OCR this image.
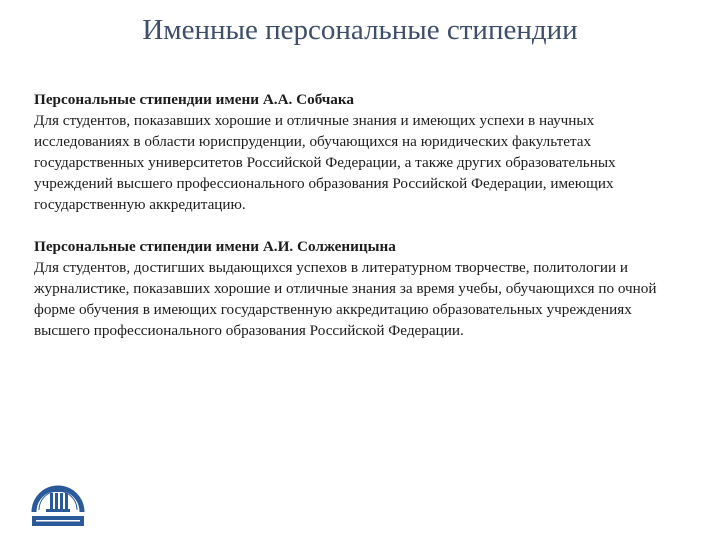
Именные персональные стипендии
Персональные стипендии имени А.А. Собчака
Для студентов, показавших хорошие и отличные знания и имеющих успехи в научных исследованиях в области юриспруденции, обучающихся на юридических факультетах государственных университетов Российской Федерации, а также других образовательных учреждений высшего профессионального образования Российской Федерации, имеющих государственную аккредитацию.
Персональные стипендии имени А.И. Солженицына
Для студентов, достигших выдающихся успехов в литературном творчестве, политологии и журналистике, показавших хорошие и отличные знания за время учебы, обучающихся по очной форме обучения в имеющих государственную аккредитацию образовательных учреждениях высшего профессионального образования Российской Федерации.
